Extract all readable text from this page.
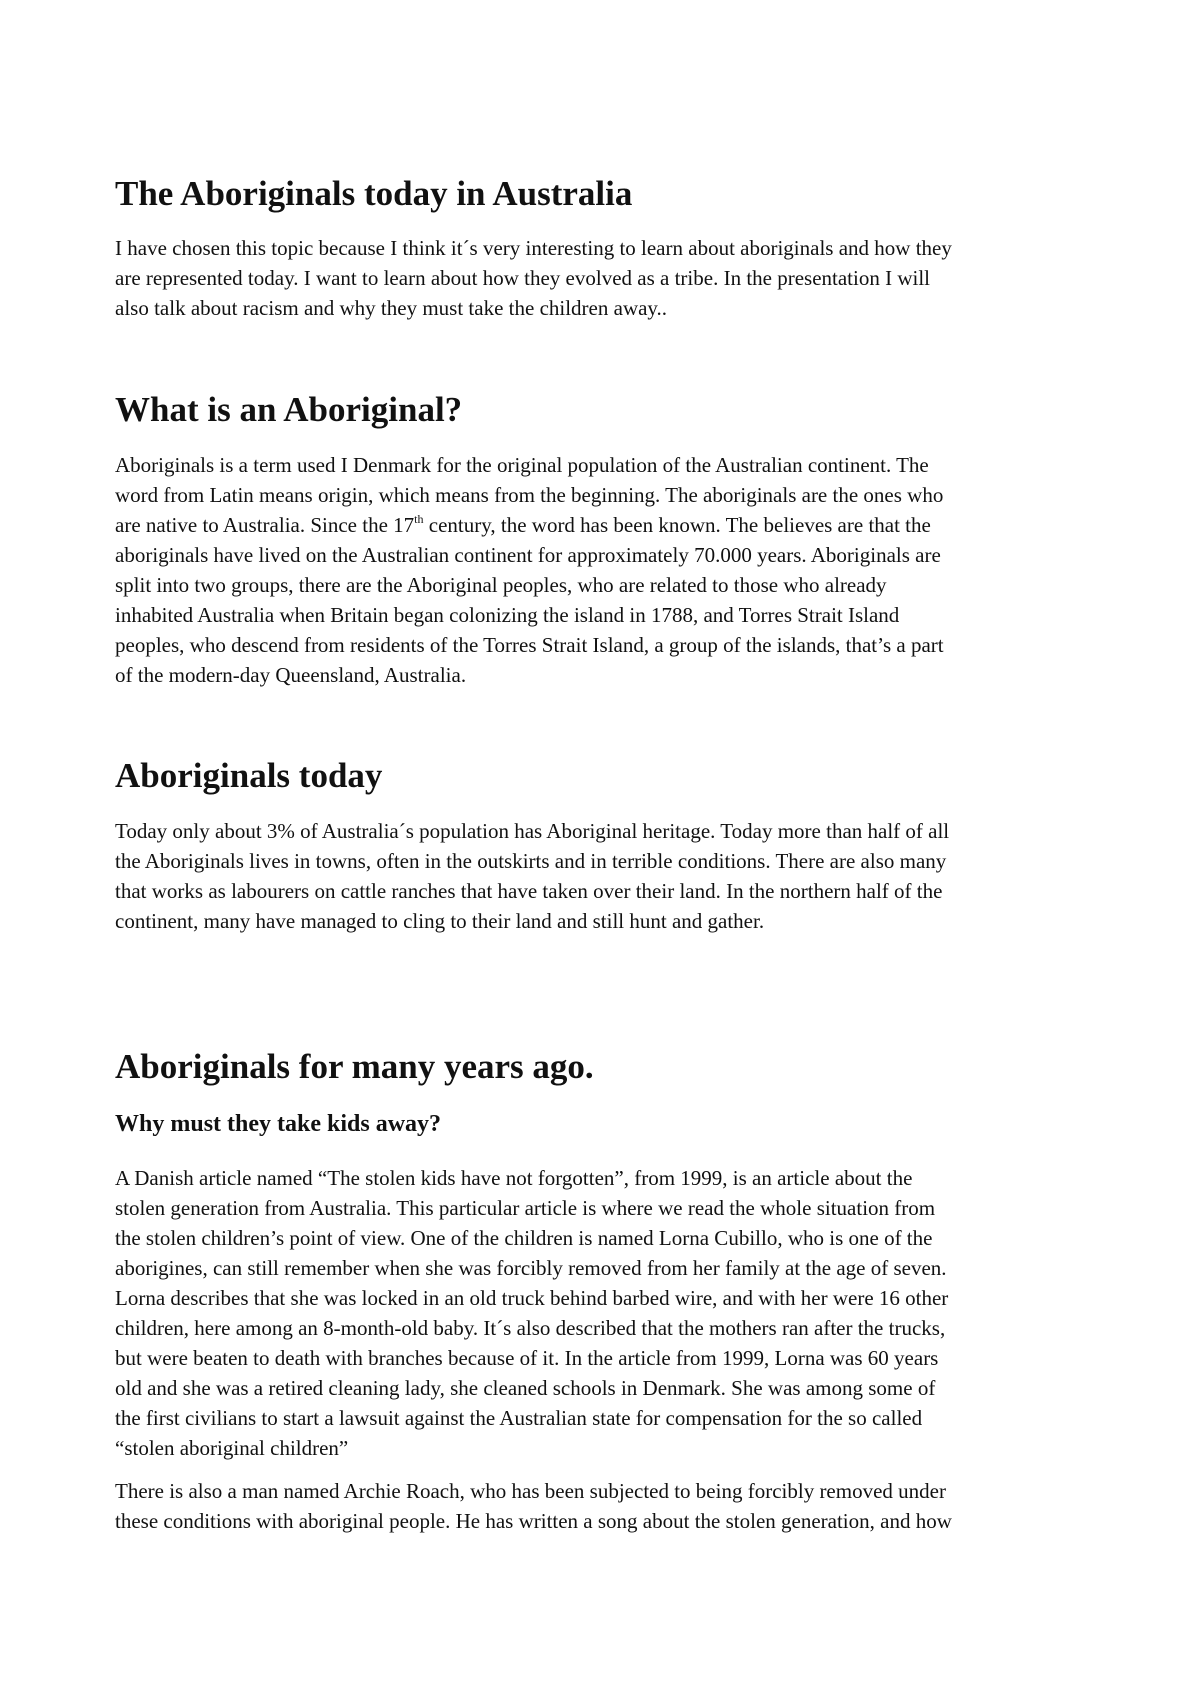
The Aboriginals today in Australia
I have chosen this topic because I think it´s very interesting to learn about aboriginals and how they
are represented today. I want to learn about how they evolved as a tribe. In the presentation I will
also talk about racism and why they must take the children away..
What is an Aboriginal?
Aboriginals is a term used I Denmark for the original population of the Australian continent. The
word from Latin means origin, which means from the beginning. The aboriginals are the ones who
are native to Australia. Since the 17th century, the word has been known. The believes are that the
aboriginals have lived on the Australian continent for approximately 70.000 years. Aboriginals are
split into two groups, there are the Aboriginal peoples, who are related to those who already
inhabited Australia when Britain began colonizing the island in 1788, and Torres Strait Island
peoples, who descend from residents of the Torres Strait Island, a group of the islands, that’s a part
of the modern-day Queensland, Australia.
Aboriginals today
Today only about 3% of Australia´s population has Aboriginal heritage. Today more than half of all
the Aboriginals lives in towns, often in the outskirts and in terrible conditions. There are also many
that works as labourers on cattle ranches that have taken over their land. In the northern half of the
continent, many have managed to cling to their land and still hunt and gather.
Aboriginals for many years ago.
Why must they take kids away?
A Danish article named “The stolen kids have not forgotten”, from 1999, is an article about the
stolen generation from Australia. This particular article is where we read the whole situation from
the stolen children’s point of view. One of the children is named Lorna Cubillo, who is one of the
aborigines, can still remember when she was forcibly removed from her family at the age of seven.
Lorna describes that she was locked in an old truck behind barbed wire, and with her were 16 other
children, here among an 8-month-old baby. It´s also described that the mothers ran after the trucks,
but were beaten to death with branches because of it. In the article from 1999, Lorna was 60 years
old and she was a retired cleaning lady, she cleaned schools in Denmark. She was among some of
the first civilians to start a lawsuit against the Australian state for compensation for the so called
“stolen aboriginal children”
There is also a man named Archie Roach, who has been subjected to being forcibly removed under
these conditions with aboriginal people. He has written a song about the stolen generation, and how
